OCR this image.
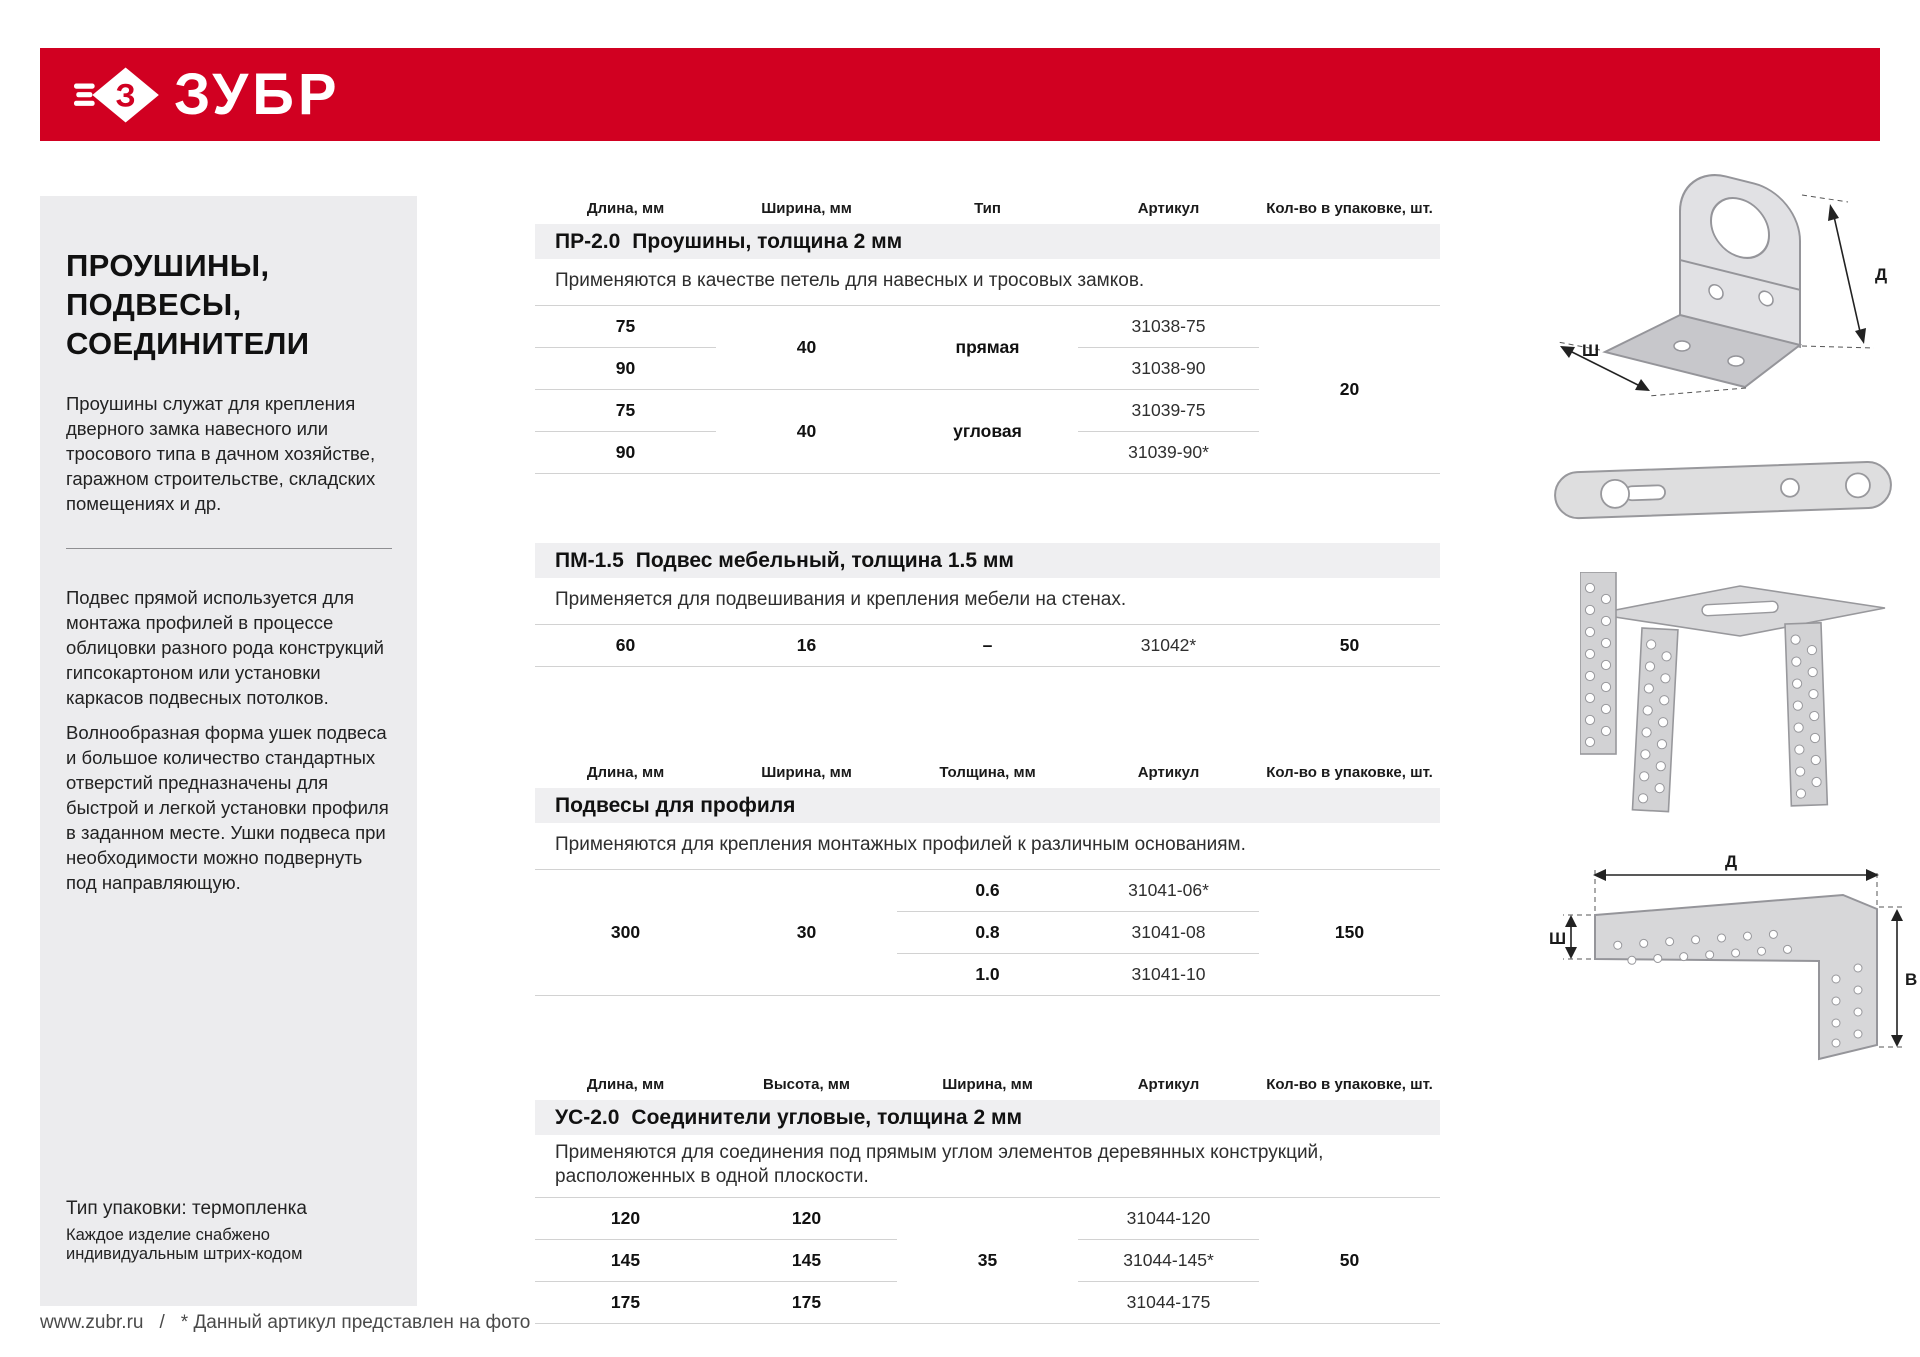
З ЗУБР
ПРОУШИНЫ,
ПОДВЕСЫ,
СОЕДИНИТЕЛИ

Проушины служат для крепления дверного замка навесного или тросового типа в дачном хозяйстве, гаражном строительстве, складских помещениях и др.

Подвес прямой используется для монтажа профилей в процессе облицовки разного рода конструкций гипсокартоном или установки каркасов подвесных потолков.

Волнообразная форма ушек подвеса и большое количество стандартных отверстий предназначены для быстрой и легкой установки профиля в заданном месте. Ушки подвеса при необходимости можно подвернуть под направляющую.

Тип упаковки: термопленка
Каждое изделие снабжено индивидуальным штрих-кодом
www.zubr.ru / * Данный артикул представлен на фото
Длина, мм	Ширина, мм	Тип	Артикул	Кол-во в упаковке, шт.
ПР-2.0 Проушины, толщина 2 мм				
Применяются в качестве петель для навесных и тросовых замков.				
75	40	прямая	31038-75	20
90			31038-90	
75	40	угловая	31039-75	
90			31039-90*	
ПМ-1.5 Подвес мебельный, толщина 1.5 мм
Применяется для подвешивания и крепления мебели на стенах.
60	16	–	31042*	50
Длина, мм	Ширина, мм	Толщина, мм	Артикул	Кол-во в упаковке, шт.
Подвесы для профиля				
Применяются для крепления монтажных профилей к различным основаниям.				
300	30	0.6	31041-06*	150
		0.8	31041-08	
		1.0	31041-10	
Длина, мм	Высота, мм	Ширина, мм	Артикул	Кол-во в упаковке, шт.
УС-2.0 Соединители угловые, толщина 2 мм				
Применяются для соединения под прямым углом элементов деревянных конструкций,
расположенных в одной плоскости.				
120	120	35	31044-120	50
145	145		31044-145*	
175	175		31044-175	
Д
Ш
Д
Ш
В
